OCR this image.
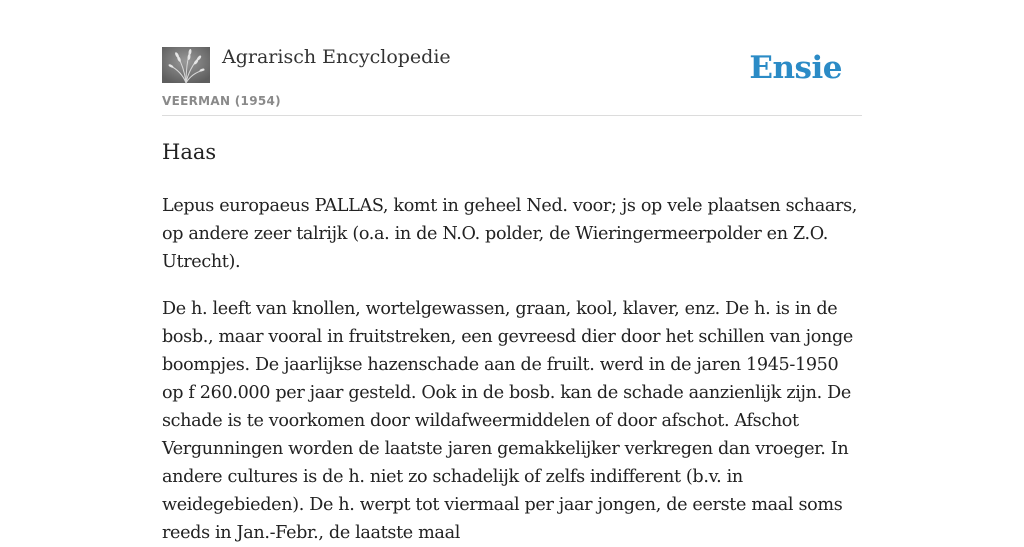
Agrarisch Encyclopedie
VEERMAN (1954)
Ensie
Haas

Lepus europaeus PALLAS, komt in geheel Ned. voor; js op vele plaatsen schaars, op andere zeer talrijk (o.a. in de N.O. polder, de Wieringermeerpolder en Z.O. Utrecht).

De h. leeft van knollen, wortelgewassen, graan, kool, klaver, enz. De h. is in de bosb., maar vooral in fruitstreken, een gevreesd dier door het schillen van jonge boompjes. De jaarlijkse hazenschade aan de fruilt. werd in de jaren 1945-1950 op f 260.000 per jaar gesteld. Ook in de bosb. kan de schade aanzienlijk zijn. De schade is te voorkomen door wildafweermiddelen of door afschot. Afschot Vergunningen worden de laatste jaren gemakkelijker verkregen dan vroeger. In andere cultures is de h. niet zo schadelijk of zelfs indifferent (b.v. in weidegebieden). De h. werpt tot viermaal per jaar jongen, de eerste maal soms reeds in Jan.-Febr., de laatste maal
